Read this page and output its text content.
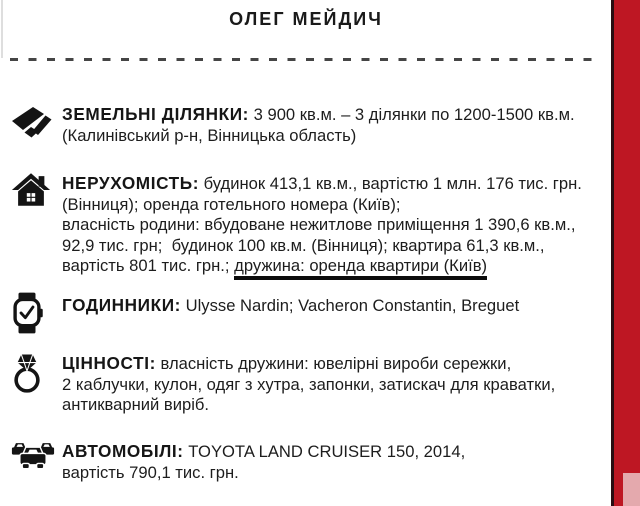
ОЛЕГ МЕЙДИЧ
ЗЕМЕЛЬНІ ДІЛЯНКИ: 3 900 кв.м. – 3 ділянки по 1200-1500 кв.м.
(Калинівський р-н, Вінницька область)
НЕРУХОМІСТЬ: будинок 413,1 кв.м., вартістю 1 млн. 176 тис. грн.
(Вінниця); оренда готельного номера (Київ);
власність родини: вбудоване нежитлове приміщення 1 390,6 кв.м.,
92,9 тис. грн;  будинок 100 кв.м. (Вінниця); квартира 61,3 кв.м.,
вартість 801 тис. грн.; дружина: оренда квартири (Київ)
ГОДИННИКИ: Ulysse Nardin; Vacheron Constantin, Breguet
ЦІННОСТІ: власність дружини: ювелірні вироби сережки,
2 каблучки, кулон, одяг з хутра, запонки, затискач для краватки,
антикварний виріб.
АВТОМОБІЛІ: TOYOTA LAND CRUISER 150, 2014,
вартість 790,1 тис. грн.
